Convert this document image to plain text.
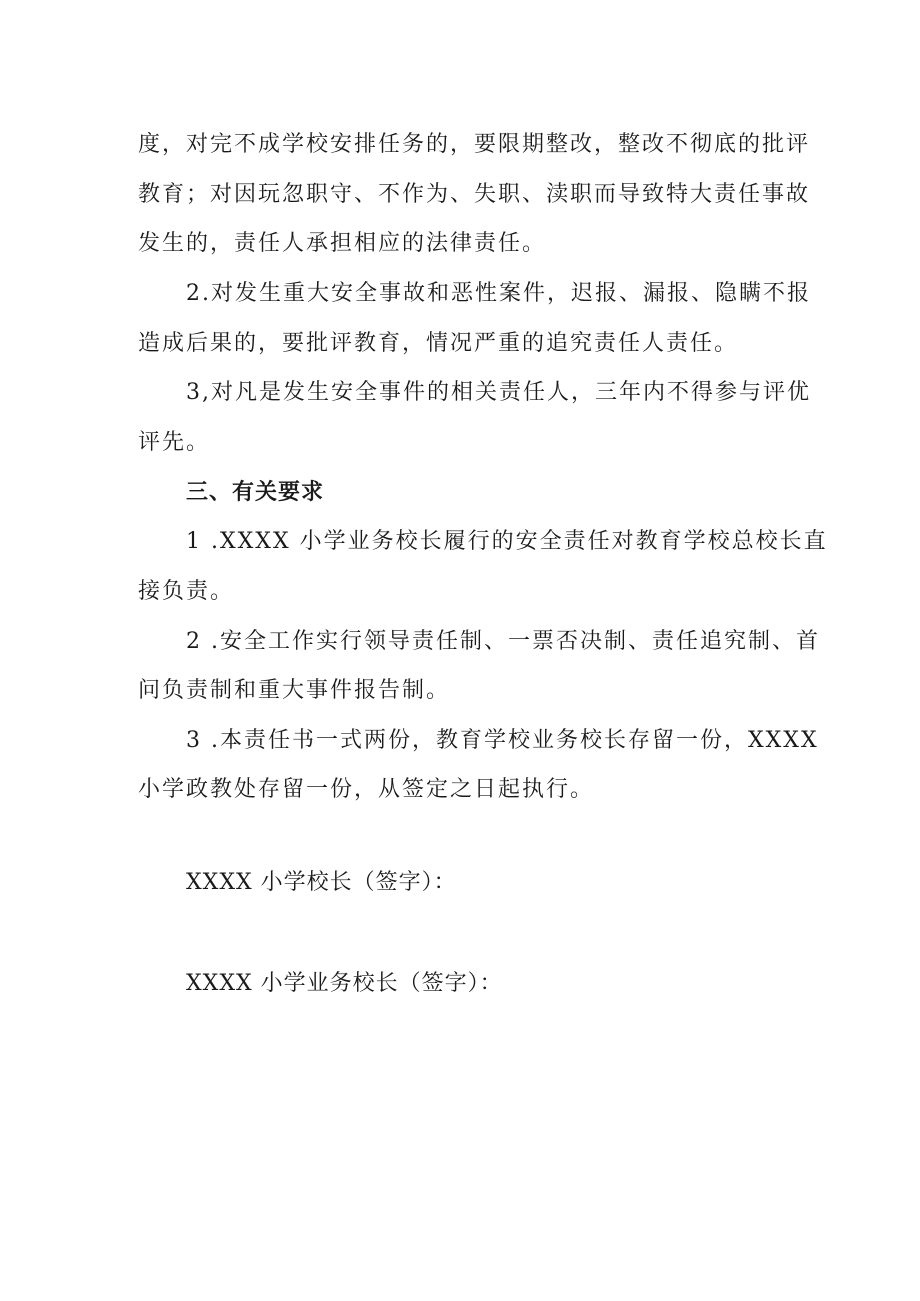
度，对完不成学校安排任务的，要限期整改，整改不彻底的批评
教育；对因玩忽职守、不作为、失职、渎职而导致特大责任事故
发生的，责任人承担相应的法律责任。
2.对发生重大安全事故和恶性案件，迟报、漏报、隐瞒不报
造成后果的，要批评教育，情况严重的追究责任人责任。
3,对凡是发生安全事件的相关责任人，三年内不得参与评优
评先。
三、有关要求
1 .XXXX 小学业务校长履行的安全责任对教育学校总校长直
接负责。
2 .安全工作实行领导责任制、一票否决制、责任追究制、首
问负责制和重大事件报告制。
3 .本责任书一式两份，教育学校业务校长存留一份，XXXX
小学政教处存留一份，从签定之日起执行。
XXXX 小学校长（签字）：
XXXX 小学业务校长（签字）：
